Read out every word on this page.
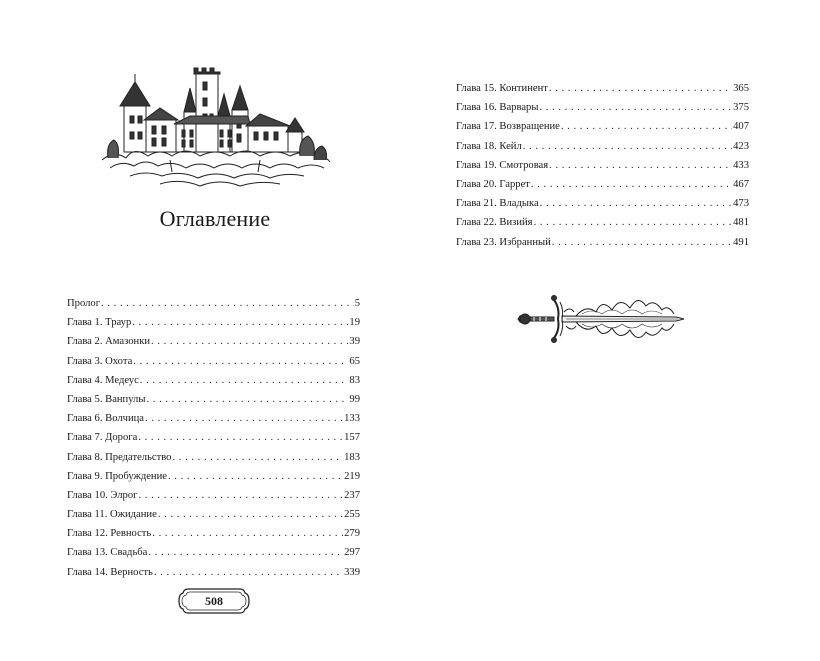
Оглавление
Пролог . . .	5
Глава 1. Траур . . .	19
Глава 2. Амазонки . . .	39
Глава 3. Охота . . .	65
Глава 4. Медеус . . .	83
Глава 5. Ванпулы . . .	99
Глава 6. Волчица . . .	133
Глава 7. Дорога . . .	157
Глава 8. Предательство . . .	183
Глава 9. Пробуждение . . .	219
Глава 10. Элрог . . .	237
Глава 11. Ожидание . . .	255
Глава 12. Ревность . . .	279
Глава 13. Свадьба . . .	297
Глава 14. Верность . . .	339
508
Глава 15. Континент . . .	365
Глава 16. Варвары . . .	375
Глава 17. Возвращение . . .	407
Глава 18. Кейл . . .	423
Глава 19. Смотровая . . .	433
Глава 20. Гаррет . . .	467
Глава 21. Владыка . . .	473
Глава 22. Визийя . . .	481
Глава 23. Избранный . . .	491
